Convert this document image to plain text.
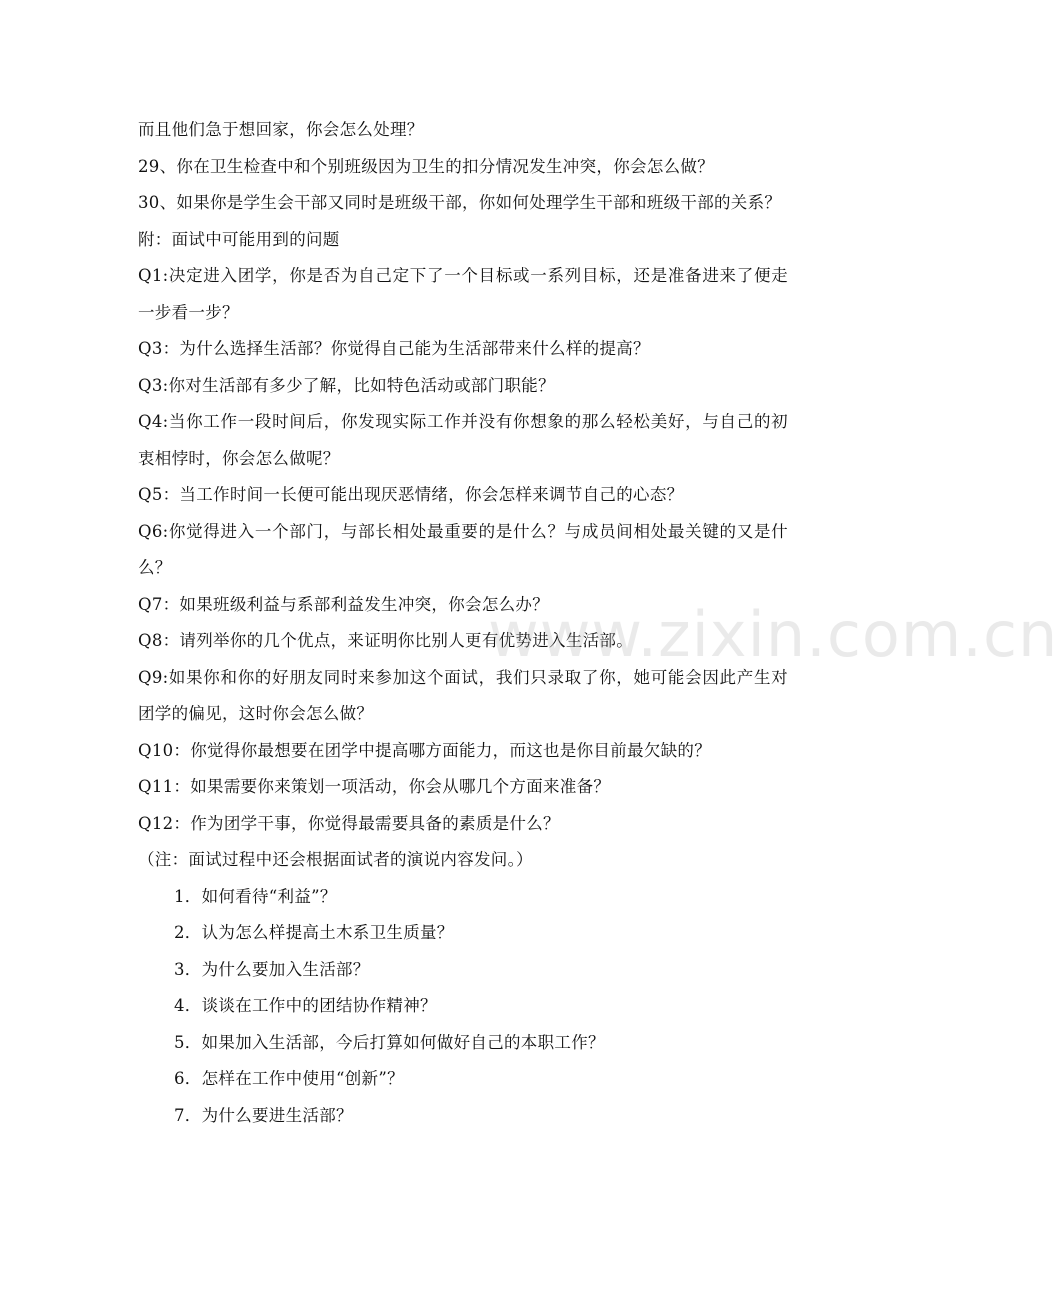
而且他们急于想回家，你会怎么处理？

29、你在卫生检查中和个别班级因为卫生的扣分情况发生冲突，你会怎么做？

30、如果你是学生会干部又同时是班级干部，你如何处理学生干部和班级干部的关系？

附：面试中可能用到的问题

Q1:决定进入团学，你是否为自己定下了一个目标或一系列目标，还是准备进来了便走一步看一步？

Q3：为什么选择生活部？你觉得自己能为生活部带来什么样的提高？

Q3:你对生活部有多少了解，比如特色活动或部门职能？

Q4:当你工作一段时间后，你发现实际工作并没有你想象的那么轻松美好，与自己的初衷相悖时，你会怎么做呢？

Q5：当工作时间一长便可能出现厌恶情绪，你会怎样来调节自己的心态？

Q6:你觉得进入一个部门，与部长相处最重要的是什么？与成员间相处最关键的又是什么？

Q7：如果班级利益与系部利益发生冲突，你会怎么办？

Q8：请列举你的几个优点，来证明你比别人更有优势进入生活部。

Q9:如果你和你的好朋友同时来参加这个面试，我们只录取了你，她可能会因此产生对团学的偏见，这时你会怎么做？

Q10：你觉得你最想要在团学中提高哪方面能力，而这也是你目前最欠缺的？

Q11：如果需要你来策划一项活动，你会从哪几个方面来准备？

Q12：作为团学干事，你觉得最需要具备的素质是什么？

（注：面试过程中还会根据面试者的演说内容发问。）

1．如何看待“利益”？

2．认为怎么样提高土木系卫生质量？

3．为什么要加入生活部？

4．谈谈在工作中的团结协作精神？

5．如果加入生活部，今后打算如何做好自己的本职工作？

6．怎样在工作中使用“创新”？

7．为什么要进生活部？

www.zixin.com.cn
